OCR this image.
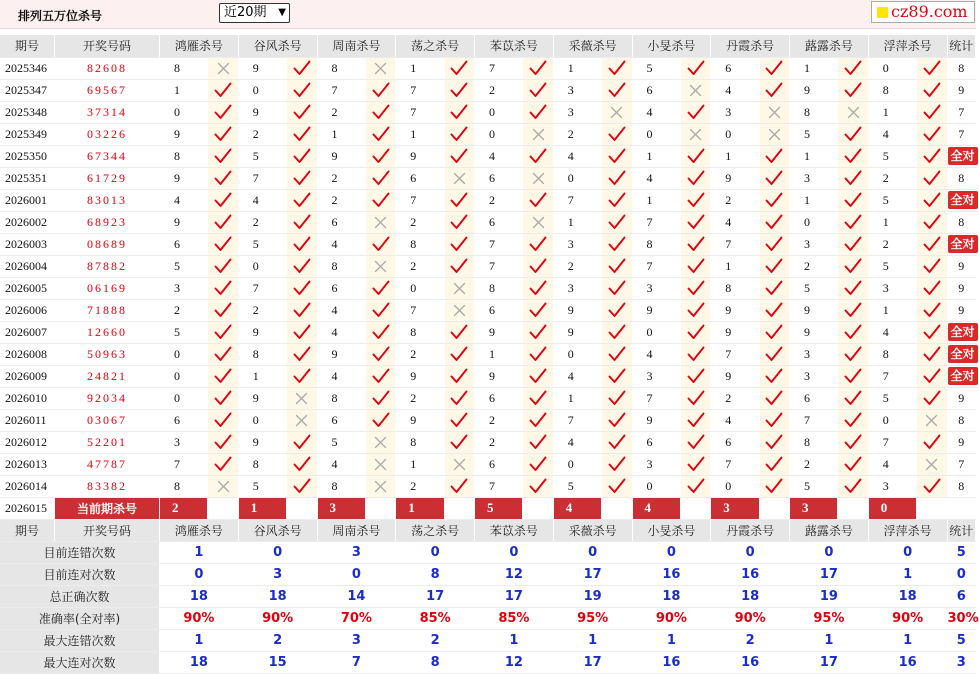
排列五万位杀号	近20期 ▼	cz89.com
期号	开奖号码	鸿雁杀号		谷风杀号		周南杀号		荡之杀号		苯苡杀号		采薇杀号		小旻杀号		丹霞杀号		蕗露杀号		浮萍杀号		统计
2025346	82608	8		9		8		1		7		1		5		6		1		0		8
2025347	69567	1		0		7		7		2		3		6		4		9		8		9
2025348	37314	0		9		2		7		0		3		4		3		8		1		7
2025349	03226	9		2		1		1		0		2		0		0		5		4		7
2025350	67344	8		5		9		9		4		4		1		1		1		5		全对
2025351	61729	9		7		2		6		6		0		4		9		3		2		8
2026001	83013	4		4		2		7		2		7		1		2		1		5		全对
2026002	68923	9		2		6		2		6		1		7		4		0		1		8
2026003	08689	6		5		4		8		7		3		8		7		3		2		全对
2026004	87882	5		0		8		2		7		2		7		1		2		5		9
2026005	06169	3		7		6		0		8		3		3		8		5		3		9
2026006	71888	2		2		4		7		6		9		9		9		9		1		9
2026007	12660	5		9		4		8		9		9		0		9		9		4		全对
2026008	50963	0		8		9		2		1		0		4		7		3		8		全对
2026009	24821	0		1		4		9		9		4		3		9		3		7		全对
2026010	92034	0		9		8		2		6		1		7		2		6		5		9
2026011	03067	6		0		6		9		2		7		9		4		7		0		8
2026012	52201	3		9		5		8		2		4		6		6		8		7		9
2026013	47787	7		8		4		1		6		0		3		7		2		4		7
2026014	83382	8		5		8		2		7		5		0		0		5		3		8
2026015	当前期杀号	2		1		3		1		5		4		4		3		3		0		
期号	开奖号码	鸿雁杀号		谷风杀号		周南杀号		荡之杀号		苯苡杀号		采薇杀号		小旻杀号		丹霞杀号		蕗露杀号		浮萍杀号		统计
目前连错次数		1		0		3		0		0		0		0		0		0		0		5
目前连对次数		0		3		0		8		12		17		16		16		17		1		0
总正确次数		18		18		14		17		17		19		18		18		19		18		6
准确率(全对率)		90%		90%		70%		85%		85%		95%		90%		90%		95%		90%		30%
最大连错次数		1		2		3		2		1		1		1		2		1		1		5
最大连对次数		18		15		7		8		12		17		16		16		17		16		3
